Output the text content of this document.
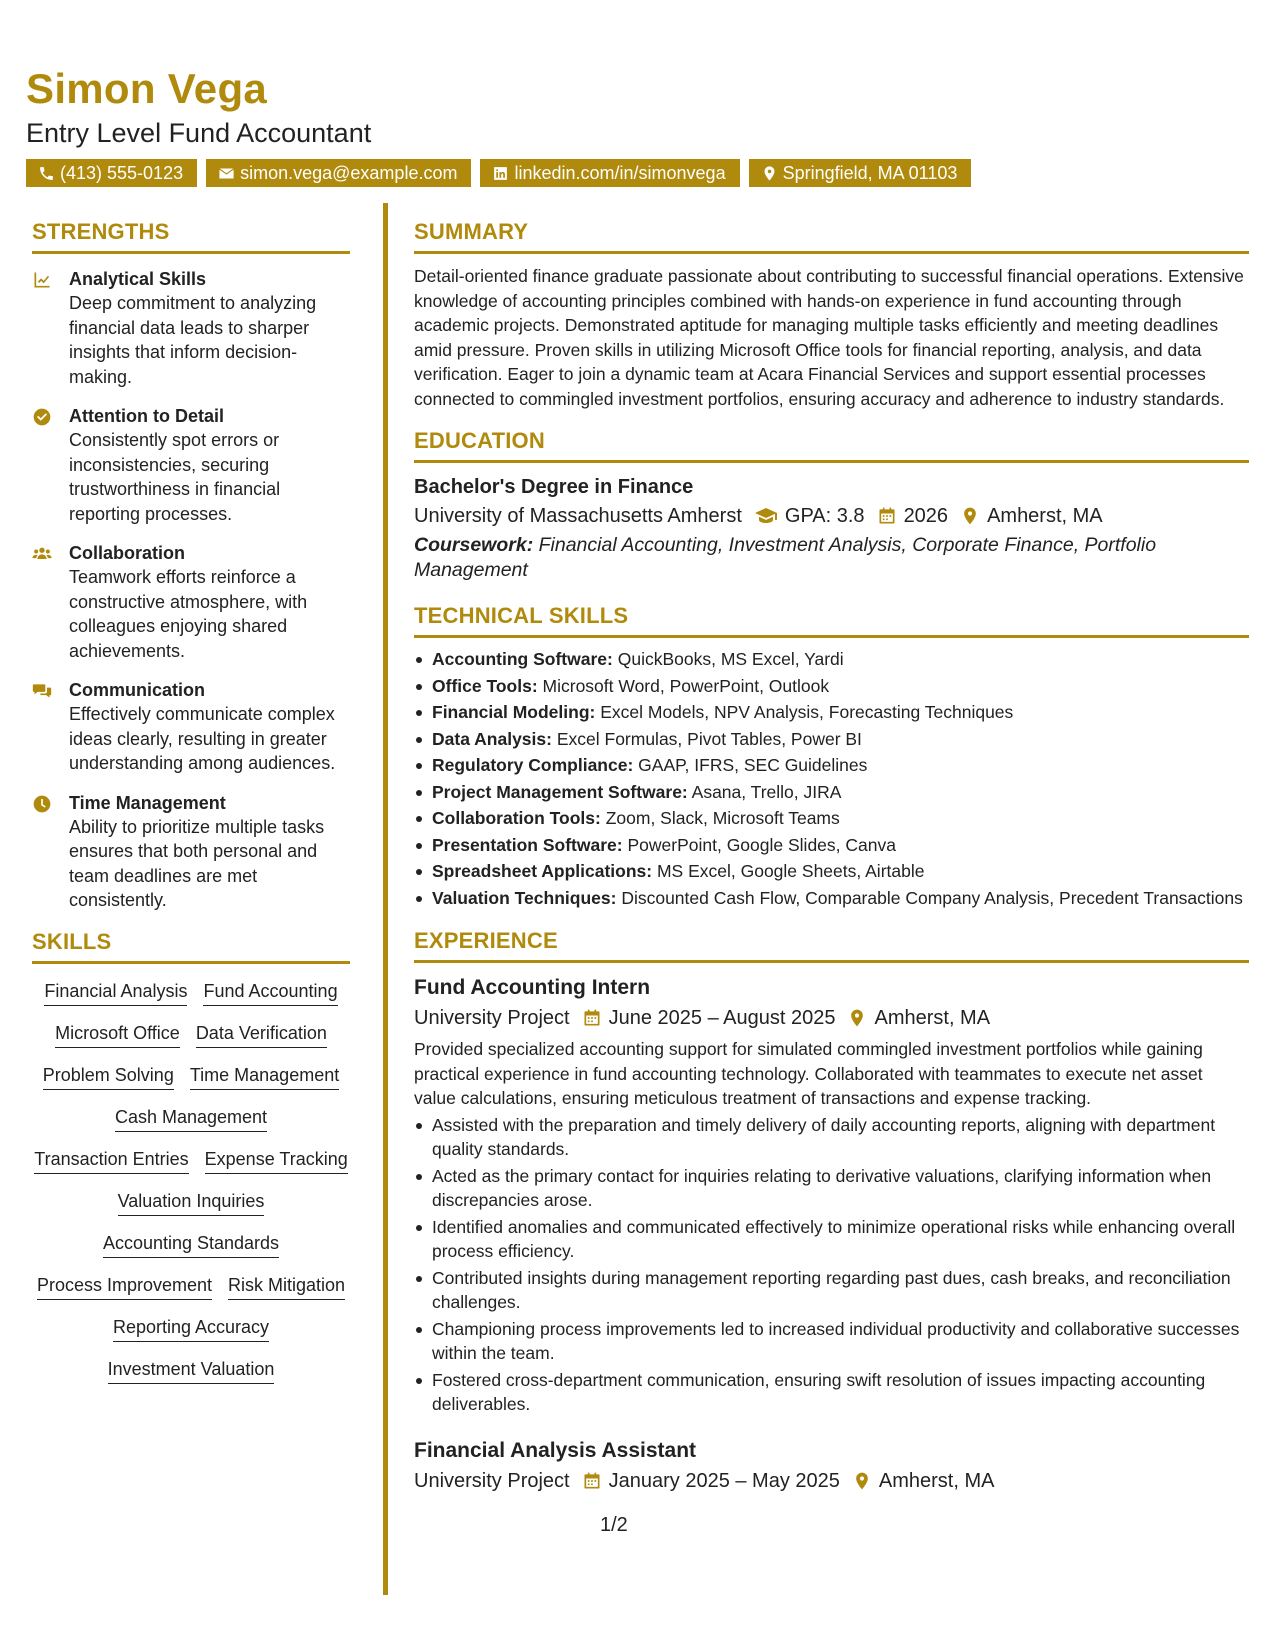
Simon Vega
Entry Level Fund Accountant
(413) 555-0123	simon.vega@example.com	linkedin.com/in/simonvega	Springfield, MA 01103
STRENGTHS
Analytical Skills
Deep commitment to analyzing financial data leads to sharper insights that inform decision-making.
Attention to Detail
Consistently spot errors or inconsistencies, securing trustworthiness in financial reporting processes.
Collaboration
Teamwork efforts reinforce a constructive atmosphere, with colleagues enjoying shared achievements.
Communication
Effectively communicate complex ideas clearly, resulting in greater understanding among audiences.
Time Management
Ability to prioritize multiple tasks ensures that both personal and team deadlines are met consistently.
SKILLS
Financial Analysis Fund Accounting
Microsoft Office Data Verification
Problem Solving Time Management
Cash Management
Transaction Entries Expense Tracking
Valuation Inquiries
Accounting Standards
Process Improvement Risk Mitigation
Reporting Accuracy
Investment Valuation
SUMMARY
Detail-oriented finance graduate passionate about contributing to successful financial operations. Extensive knowledge of accounting principles combined with hands-on experience in fund accounting through academic projects. Demonstrated aptitude for managing multiple tasks efficiently and meeting deadlines amid pressure. Proven skills in utilizing Microsoft Office tools for financial reporting, analysis, and data verification. Eager to join a dynamic team at Acara Financial Services and support essential processes connected to commingled investment portfolios, ensuring accuracy and adherence to industry standards.
EDUCATION
Bachelor's Degree in Finance
University of Massachusetts Amherst GPA: 3.8 2026 Amherst, MA
Coursework: Financial Accounting, Investment Analysis, Corporate Finance, Portfolio Management
TECHNICAL SKILLS
Accounting Software: QuickBooks, MS Excel, Yardi
Office Tools: Microsoft Word, PowerPoint, Outlook
Financial Modeling: Excel Models, NPV Analysis, Forecasting Techniques
Data Analysis: Excel Formulas, Pivot Tables, Power BI
Regulatory Compliance: GAAP, IFRS, SEC Guidelines
Project Management Software: Asana, Trello, JIRA
Collaboration Tools: Zoom, Slack, Microsoft Teams
Presentation Software: PowerPoint, Google Slides, Canva
Spreadsheet Applications: MS Excel, Google Sheets, Airtable
Valuation Techniques: Discounted Cash Flow, Comparable Company Analysis, Precedent Transactions
EXPERIENCE
Fund Accounting Intern
University Project June 2025 – August 2025 Amherst, MA
Provided specialized accounting support for simulated commingled investment portfolios while gaining practical experience in fund accounting technology. Collaborated with teammates to execute net asset value calculations, ensuring meticulous treatment of transactions and expense tracking.
Assisted with the preparation and timely delivery of daily accounting reports, aligning with department quality standards.
Acted as the primary contact for inquiries relating to derivative valuations, clarifying information when discrepancies arose.
Identified anomalies and communicated effectively to minimize operational risks while enhancing overall process efficiency.
Contributed insights during management reporting regarding past dues, cash breaks, and reconciliation challenges.
Championing process improvements led to increased individual productivity and collaborative successes within the team.
Fostered cross-department communication, ensuring swift resolution of issues impacting accounting deliverables.
Financial Analysis Assistant
University Project January 2025 – May 2025 Amherst, MA
1/2
